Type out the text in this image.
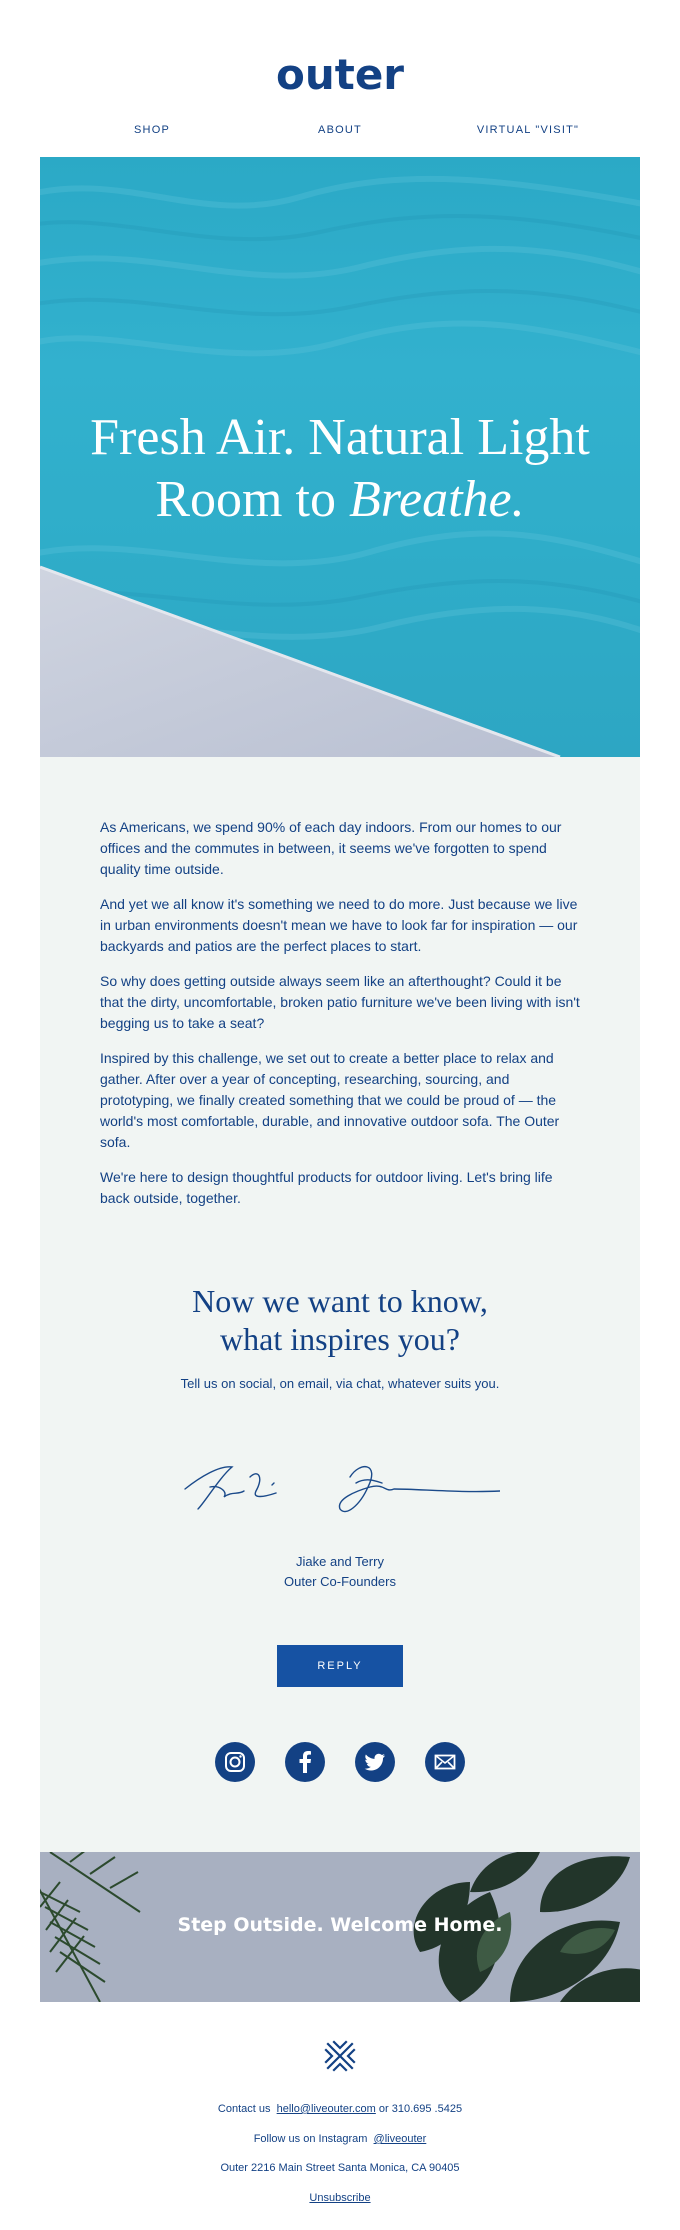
outer
SHOP	ABOUT	VIRTUAL "VISIT"
Fresh Air. Natural Light
Room to Breathe.

As Americans, we spend 90% of each day indoors. From our homes to our offices and the commutes in between, it seems we've forgotten to spend quality time outside.

And yet we all know it's something we need to do more. Just because we live in urban environments doesn't mean we have to look far for inspiration — our backyards and patios are the perfect places to start.

So why does getting outside always seem like an afterthought? Could it be that the dirty, uncomfortable, broken patio furniture we've been living with isn't begging us to take a seat?

Inspired by this challenge, we set out to create a better place to relax and gather. After over a year of concepting, researching, sourcing, and prototyping, we finally created something that we could be proud of — the world's most comfortable, durable, and innovative outdoor sofa. The Outer sofa.

We're here to design thoughtful products for outdoor living. Let's bring life back outside, together.

Now we want to know,
what inspires you?
Tell us on social, on email, via chat, whatever suits you.
Jiake and Terry
Outer Co-Founders
REPLY
Step Outside. Welcome Home.
Contact us hello@liveouter.com or 310.695 .5425
Follow us on Instagram @liveouter
Outer 2216 Main Street Santa Monica, CA 90405
Unsubscribe
